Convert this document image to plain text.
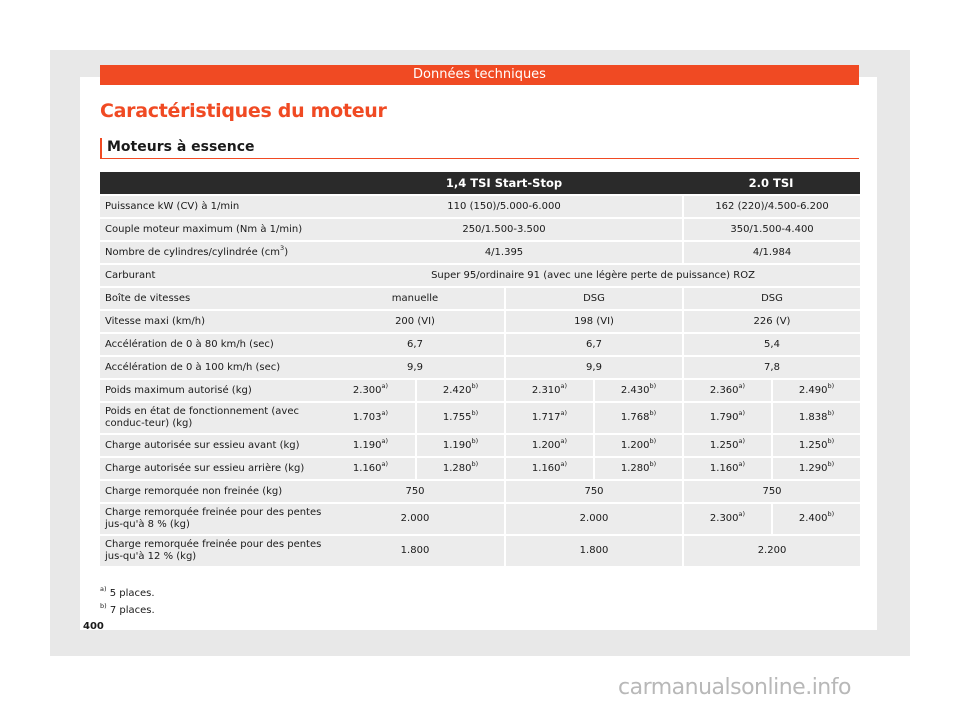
Données techniques
Caractéristiques du moteur
Moteurs à essence
	1,4 TSI Start-Stop				2.0 TSI	
Puissance kW (CV) à 1/min	110 (150)/5.000-6.000				162 (220)/4.500-6.200	
Couple moteur maximum (Nm à 1/min)	250/1.500-3.500				350/1.500-4.400	
Nombre de cylindres/cylindrée $(cm^3)$	4/1.395				4/1.984	
Carburant	Super 95/ordinaire 91 (avec une légère perte de puissance) ROZ					
Boîte de vitesses	manuelle		DSG		DSG	
Vitesse maxi (km/h)	200 (VI)		198 (VI)		226 (V)	
Accélération de 0 à 80 km/h (sec)	6,7		6,7		5,4	
Accélération de 0 à 100 km/h (sec)	9,9		9,9		7,8	
Poids maximum autorisé (kg)	2.300$^{a)}$	2.420$^{b)}$	2.310$^{a)}$	2.430$^{b)}$	2.360$^{a)}$	2.490$^{b)}$
Poids en état de fonctionnement (avec conduc-teur) (kg)	1.703$^{a)}$	1.755$^{b)}$	1.717$^{a)}$	1.768$^{b)}$	1.790$^{a)}$	1.838$^{b)}$
Charge autorisée sur essieu avant (kg)	1.190$^{a)}$	1.190$^{b)}$	1.200$^{a)}$	1.200$^{b)}$	1.250$^{a)}$	1.250$^{b)}$
Charge autorisée sur essieu arrière (kg)	1.160$^{a)}$	1.280$^{b)}$	1.160$^{a)}$	1.280$^{b)}$	1.160$^{a)}$	1.290$^{b)}$
Charge remorquée non freinée (kg)	750		750		750	
Charge remorquée freinée pour des pentes jus-qu'à 8 % (kg)	2.000		2.000		2.300$^{a)}$	2.400$^{b)}$
Charge remorquée freinée pour des pentes jus-qu'à 12 % (kg)	1.800		1.800		2.200	
$^{a)}$ 5 places.
$^{b)}$ 7 places.
400
carmanualsonline.info
